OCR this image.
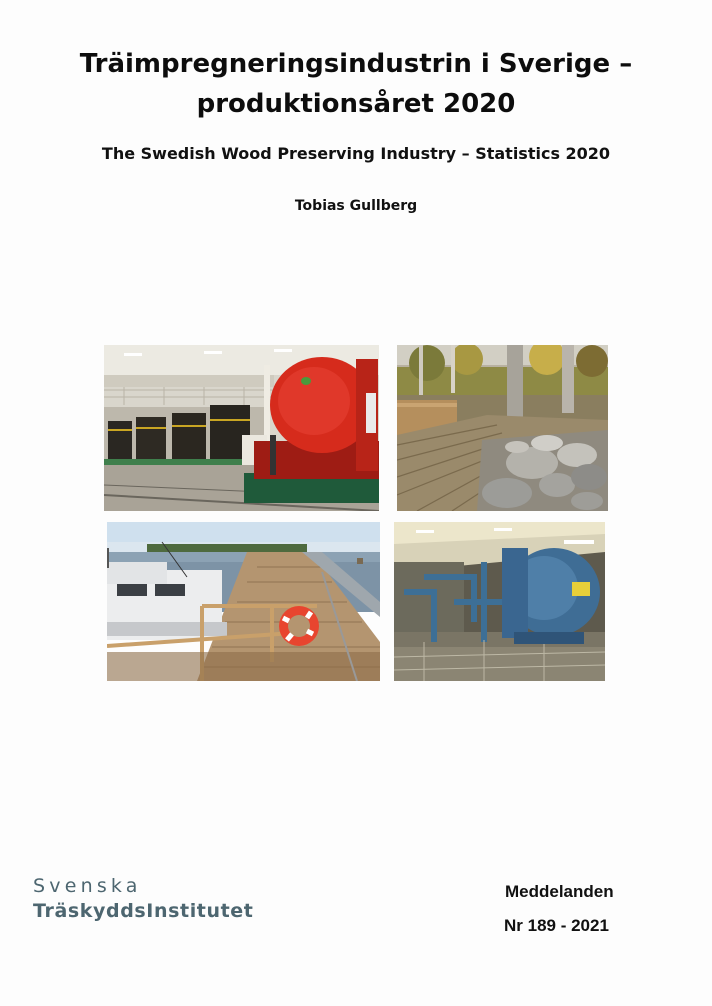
Träimpregneringsindustrin i Sverige –
produktionsåret 2020
The Swedish Wood Preserving Industry – Statistics 2020
Tobias Gullberg
Svenska
TräskyddsInstitutet
Meddelanden
Nr 189 - 2021
